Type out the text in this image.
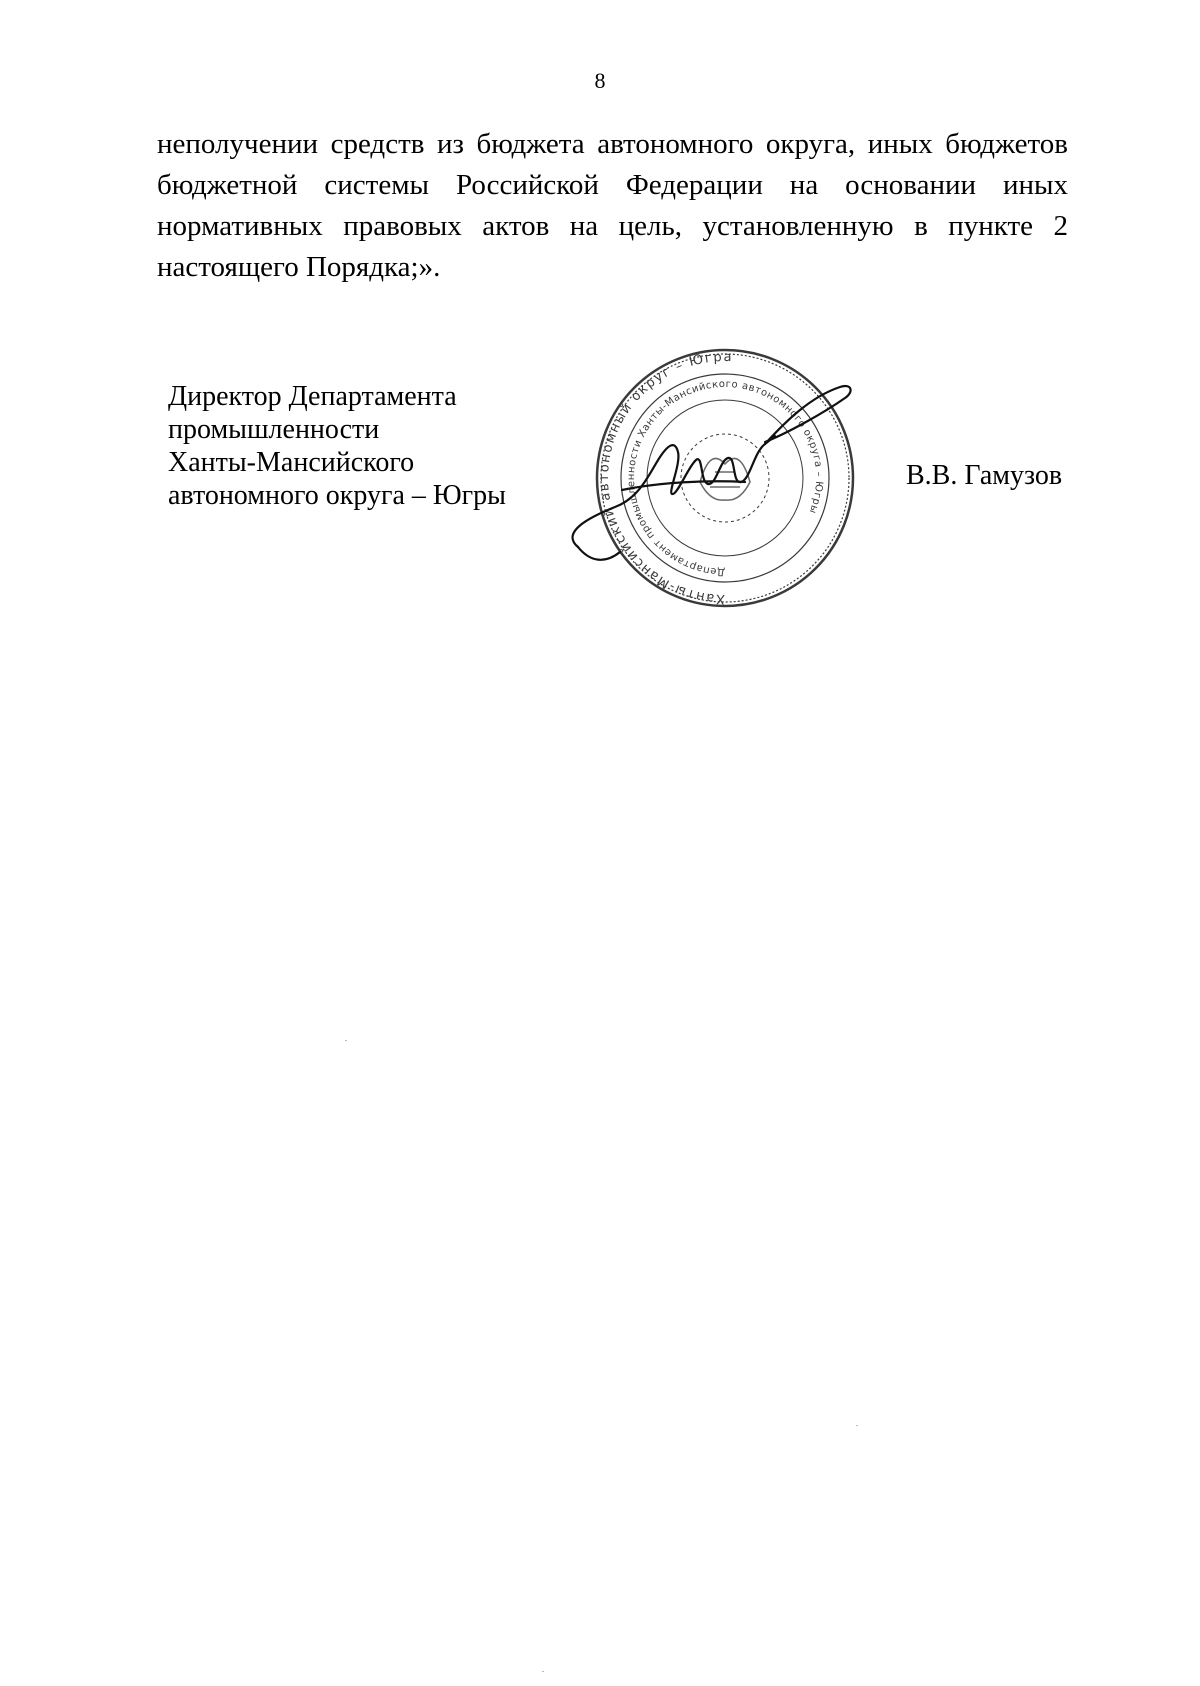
8

неполучении средств из бюджета автономного округа, иных бюджетов бюджетной системы Российской Федерации на основании иных нормативных правовых актов на цель, установленную в пункте 2 настоящего Порядка;».

Директор Департамента
промышленности
Ханты-Мансийского
автономного округа – Югры
Ханты-Мансийский автономный округ – Югра
Департамент промышленности Ханты-Мансийского автономного округа – Югры
В.В. Гамузов
